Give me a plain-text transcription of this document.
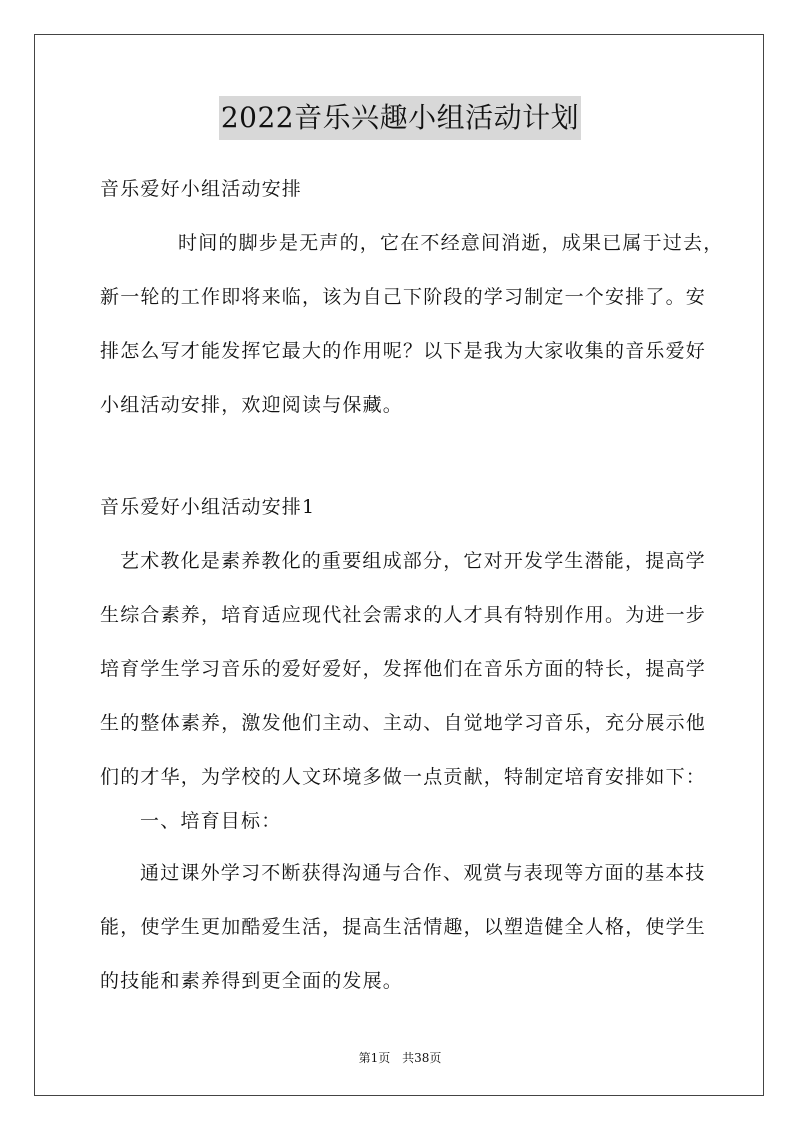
2022音乐兴趣小组活动计划
音乐爱好小组活动安排
时间的脚步是无声的，它在不经意间消逝，成果已属于过去，
新一轮的工作即将来临，该为自己下阶段的学习制定一个安排了。安
排怎么写才能发挥它最大的作用呢？以下是我为大家收集的音乐爱好
小组活动安排，欢迎阅读与保藏。
音乐爱好小组活动安排1
艺术教化是素养教化的重要组成部分，它对开发学生潜能，提高学
生综合素养，培育适应现代社会需求的人才具有特别作用。为进一步
培育学生学习音乐的爱好爱好，发挥他们在音乐方面的特长，提高学
生的整体素养，激发他们主动、主动、自觉地学习音乐，充分展示他
们的才华，为学校的人文环境多做一点贡献，特制定培育安排如下：
一、培育目标：
通过课外学习不断获得沟通与合作、观赏与表现等方面的基本技
能，使学生更加酷爱生活，提高生活情趣，以塑造健全人格，使学生
的技能和素养得到更全面的发展。
第1页 共38页
